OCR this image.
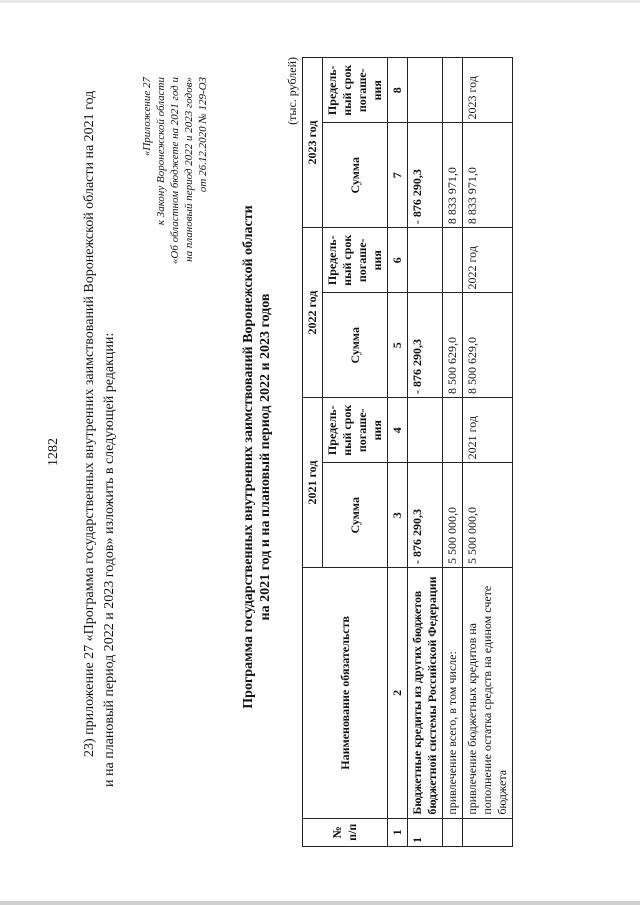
1282 23) приложение 27 «Программа государственных внутренних заимствований Воронежской области на 2021 год и на плановый период 2022 и 2023 годов» изложить в следующей редакции:
«Приложение 27 к Закону Воронежской области «Об областном бюджете на 2021 год и на плановый период 2022 и 2023 годов» от 26.12.2020 № 129-ОЗ
Программа государственных внутренних заимствований Воронежской области на 2021 год и на плановый период 2022 и 2023 годов
(тыс. рублей)
№ п/п	Наименование обязательств	2021 год		2022 год		2023 год	
		Сумма	Предель-ный срок погаше-ния	Сумма	Предель-ный срок погаше-ния	Сумма	Предель-ный срок погаше-ния
1	2	3	4	5	6	7	8
1	Бюджетные кредиты из других бюджетов бюджетной системы Российской Федерации	- 876 290,3		- 876 290,3		- 876 290,3	
	привлечение всего, в том числе:	5 500 000,0		8 500 629,0		8 833 971,0	
	привлечение бюджетных кредитов на пополнение остатка средств на едином счете бюджета	5 500 000,0	2021 год	8 500 629,0	2022 год	8 833 971,0	2023 год
